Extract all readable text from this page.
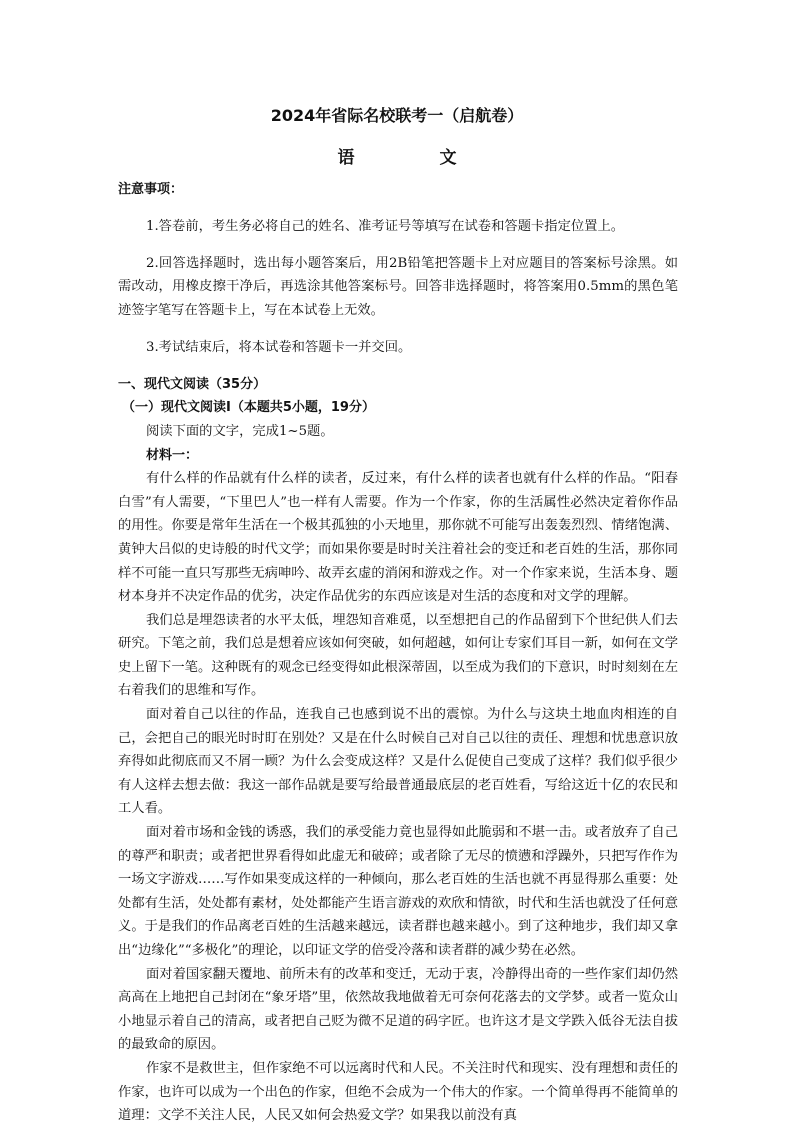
2024年省际名校联考一（启航卷）
语　文

注意事项：

1.答卷前，考生务必将自己的姓名、准考证号等填写在试卷和答题卡指定位置上。

2.回答选择题时，选出每小题答案后，用2B铅笔把答题卡上对应题目的答案标号涂黑。如需改动，用橡皮擦干净后，再选涂其他答案标号。回答非选择题时，将答案用0.5mm的黑色笔迹签字笔写在答题卡上，写在本试卷上无效。

3.考试结束后，将本试卷和答题卡一并交回。

一、现代文阅读（35分）

（一）现代文阅读Ⅰ（本题共5小题，19分）

阅读下面的文字，完成1~5题。

材料一：

有什么样的作品就有什么样的读者，反过来，有什么样的读者也就有什么样的作品。“阳春白雪”有人需要，“下里巴人”也一样有人需要。作为一个作家，你的生活属性必然决定着你作品的用性。你要是常年生活在一个极其孤独的小天地里，那你就不可能写出轰轰烈烈、情绪饱满、黄钟大吕似的史诗般的时代文学；而如果你要是时时关注着社会的变迁和老百姓的生活，那你同样不可能一直只写那些无病呻吟、故弄玄虚的消闲和游戏之作。对一个作家来说，生活本身、题材本身并不决定作品的优劣，决定作品优劣的东西应该是对生活的态度和对文学的理解。

我们总是埋怨读者的水平太低，埋怨知音难觅，以至想把自己的作品留到下个世纪供人们去研究。下笔之前，我们总是想着应该如何突破，如何超越，如何让专家们耳目一新，如何在文学史上留下一笔。这种既有的观念已经变得如此根深蒂固，以至成为我们的下意识，时时刻刻在左右着我们的思维和写作。

面对着自己以往的作品，连我自己也感到说不出的震惊。为什么与这块土地血肉相连的自己，会把自己的眼光时时盯在别处？又是在什么时候自己对自己以往的责任、理想和忧患意识放弃得如此彻底而又不屑一顾？为什么会变成这样？又是什么促使自己变成了这样？我们似乎很少有人这样去想去做：我这一部作品就是要写给最普通最底层的老百姓看，写给这近十亿的农民和工人看。

面对着市场和金钱的诱惑，我们的承受能力竟也显得如此脆弱和不堪一击。或者放弃了自己的尊严和职责；或者把世界看得如此虚无和破碎；或者除了无尽的愤懑和浮躁外，只把写作作为一场文字游戏……写作如果变成这样的一种倾向，那么老百姓的生活也就不再显得那么重要：处处都有生活，处处都有素材，处处都能产生语言游戏的欢欣和情欲，时代和生活也就没了任何意义。于是我们的作品离老百姓的生活越来越远，读者群也越来越小。到了这种地步，我们却又拿出“边缘化”“多极化”的理论，以印证文学的倍受冷落和读者群的减少势在必然。

面对着国家翻天覆地、前所未有的改革和变迁，无动于衷，冷静得出奇的一些作家们却仍然高高在上地把自己封闭在“象牙塔”里，依然故我地做着无可奈何花落去的文学梦。或者一览众山小地显示着自己的清高，或者把自己贬为微不足道的码字匠。也许这才是文学跌入低谷无法自拔的最致命的原因。

作家不是救世主，但作家绝不可以远离时代和人民。不关注时代和现实、没有理想和责任的作家，也许可以成为一个出色的作家，但绝不会成为一个伟大的作家。一个简单得再不能简单的道理：文学不关注人民，人民又如何会热爱文学？如果我以前没有真
